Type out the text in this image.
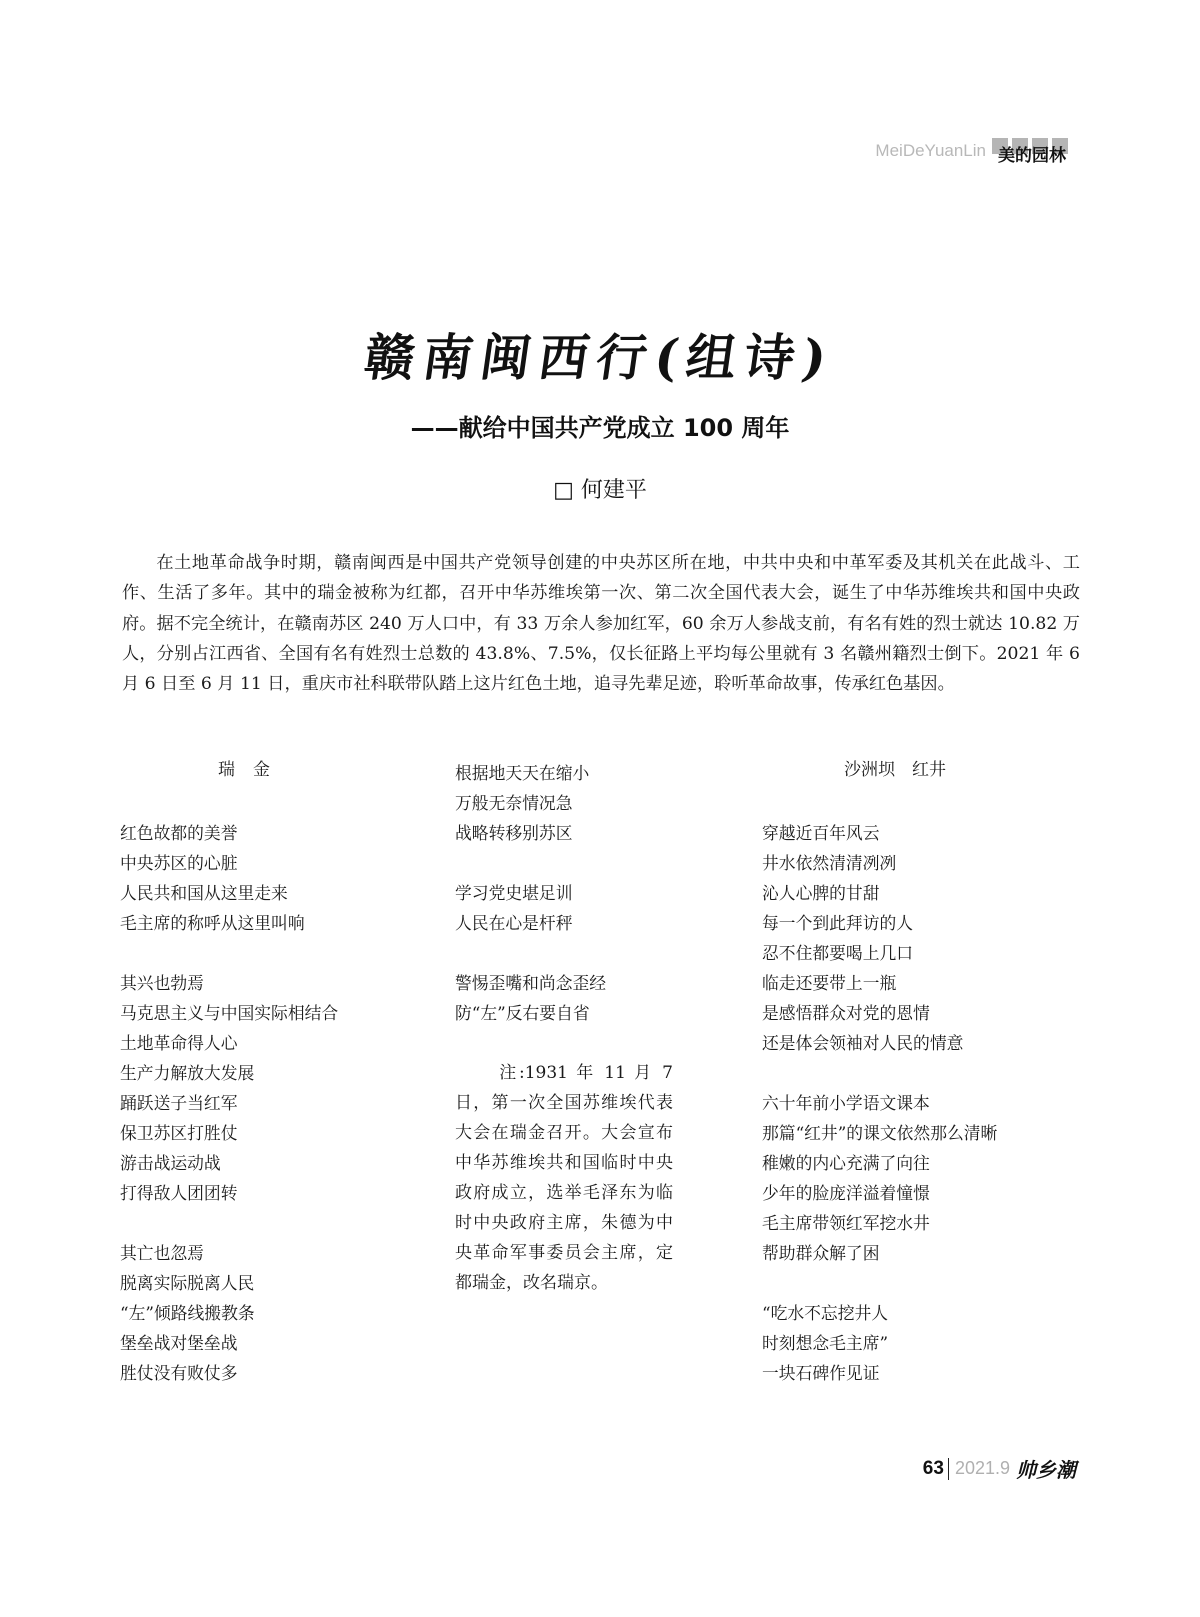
MeiDeYuanLin 美的园林
赣南闽西行(组诗)
——献给中国共产党成立 100 周年
□ 何建平
在土地革命战争时期，赣南闽西是中国共产党领导创建的中央苏区所在地，中共中央和中革军委及其机关在此战斗、工作、生活了多年。其中的瑞金被称为红都，召开中华苏维埃第一次、第二次全国代表大会，诞生了中华苏维埃共和国中央政府。据不完全统计，在赣南苏区 240 万人口中，有 33 万余人参加红军，60 余万人参战支前，有名有姓的烈士就达 10.82 万人，分别占江西省、全国有名有姓烈士总数的 43.8%、7.5%，仅长征路上平均每公里就有 3 名赣州籍烈士倒下。2021 年 6 月 6 日至 6 月 11 日，重庆市社科联带队踏上这片红色土地，追寻先辈足迹，聆听革命故事，传承红色基因。
瑞金
红色故都的美誉
中央苏区的心脏
人民共和国从这里走来
毛主席的称呼从这里叫响
其兴也勃焉
马克思主义与中国实际相结合
土地革命得人心
生产力解放大发展
踊跃送子当红军
保卫苏区打胜仗
游击战运动战
打得敌人团团转
其亡也忽焉
脱离实际脱离人民
“左”倾路线搬教条
堡垒战对堡垒战
胜仗没有败仗多
根据地天天在缩小
万般无奈情况急
战略转移别苏区
学习党史堪足训
人民在心是杆秤
警惕歪嘴和尚念歪经
防“左”反右要自省
注:1931 年 11 月 7 日，第一次全国苏维埃代表大会在瑞金召开。大会宣布中华苏维埃共和国临时中央政府成立，选举毛泽东为临时中央政府主席，朱德为中央革命军事委员会主席，定都瑞金，改名瑞京。
沙洲坝　红井
穿越近百年风云
井水依然清清冽冽
沁人心脾的甘甜
每一个到此拜访的人
忍不住都要喝上几口
临走还要带上一瓶
是感悟群众对党的恩情
还是体会领袖对人民的情意
六十年前小学语文课本
那篇“红井”的课文依然那么清晰
稚嫩的内心充满了向往
少年的脸庞洋溢着憧憬
毛主席带领红军挖水井
帮助群众解了困
“吃水不忘挖井人
时刻想念毛主席”
一块石碑作见证
63 2021.9 帅乡潮
